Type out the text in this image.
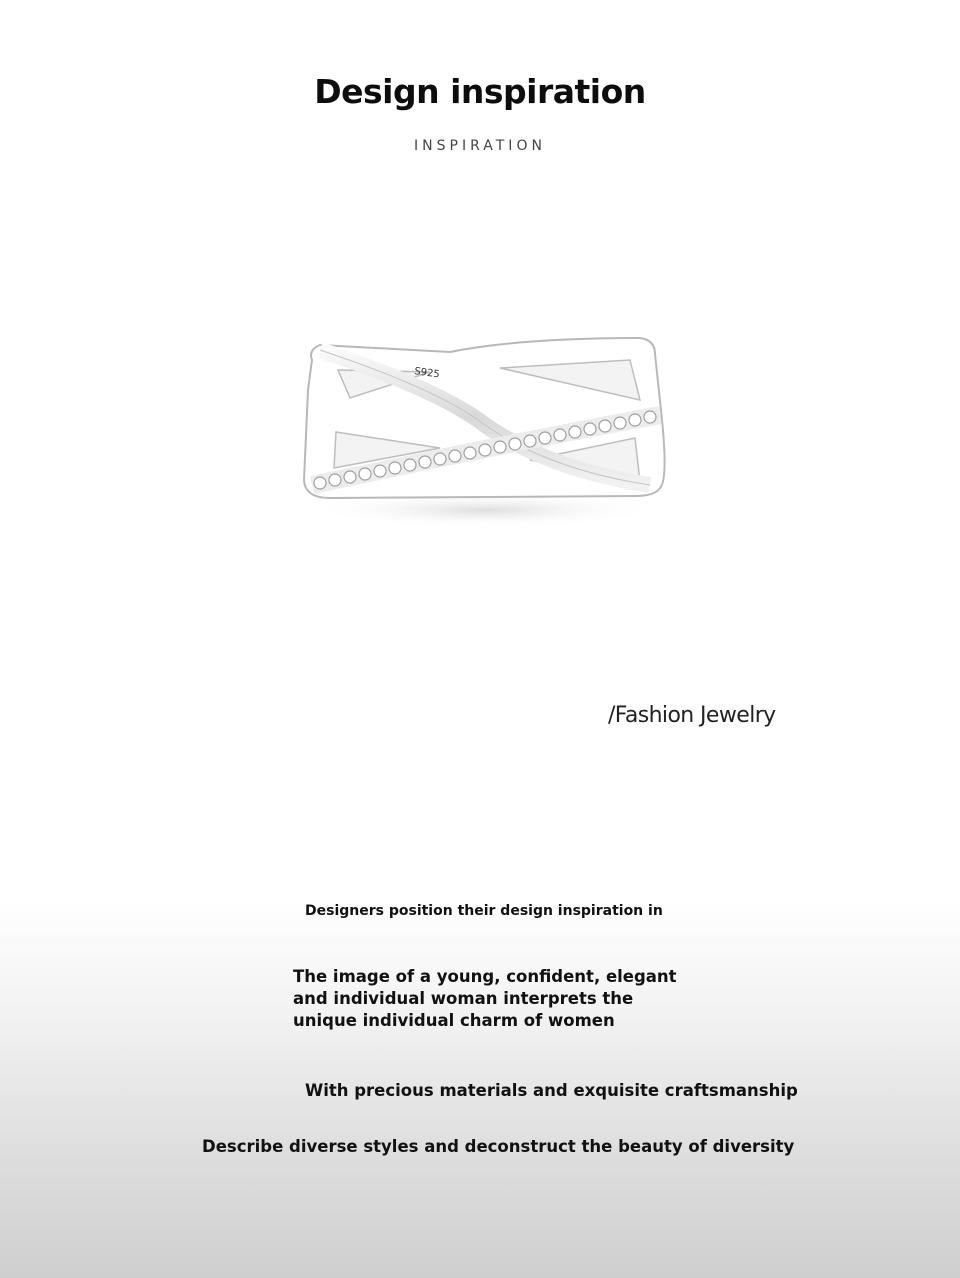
Design inspiration
INSPIRATION
S925
/Fashion Jewelry
Designers position their design inspiration in
The image of a young, confident, elegant
and individual woman interprets the
unique individual charm of women
With precious materials and exquisite craftsmanship
Describe diverse styles and deconstruct the beauty of diversity
